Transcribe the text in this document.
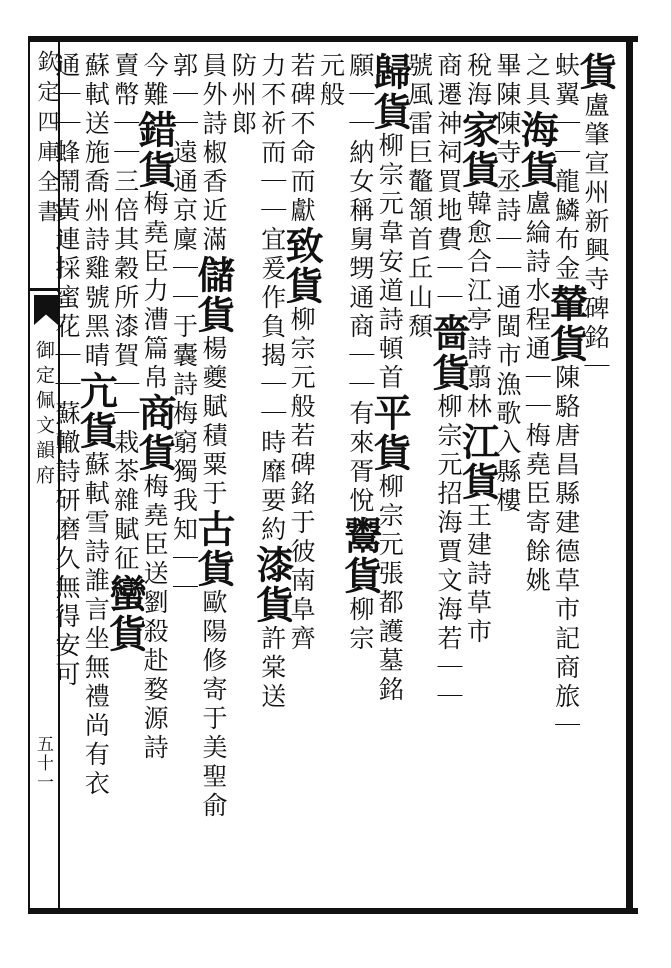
欽定四庫全書
御定佩文韻府
五十一
貨盧肇宣州新興寺碑銘｜
蚨翼｜｜龍鱗布金輦貨陳駱唐昌縣建德草市記商旅｜
之具海貨盧綸詩水程通｜｜梅堯臣寄餘姚
畢陳陳寺丞詩｜｜通閩市漁歌入縣樓
稅海家貨韓愈合江亭詩翦林江貨王建詩草市
商遷神祠買地費｜｜嗇貨柳宗元招海賈文海若｜｜
號風雷巨鼇頷首丘山頹
歸貨柳宗元韋安道詩頓首平貨柳宗元張都護墓銘
願｜｜納女稱舅甥通商｜｜有來胥悅鬻貨柳宗
元般
若碑不命而獻致貨柳宗元般若碑銘于彼南阜齊
力不祈而｜｜宜爰作負揭｜｜時靡要約漆貨許棠送
防州郞
員外詩椒香近滿儲貨楊夔賦積粟于古貨歐陽修寄于美聖俞
郭｜｜遠通京廩｜｜于囊詩梅窮獨我知｜｜
今難錯貨梅堯臣力漕篇帛商貨梅堯臣送劉殺赴婺源詩
賣幣｜｜三倍其穀所漆賀｜｜栽茶雜賦征蠻貨
蘇軾送施喬州詩雞號黑晴亢貨蘇軾雪詩誰言坐無禮尚有衣
通｜｜蜂鬧黃連採蜜花｜｜蘇轍詩研磨久無得安可
